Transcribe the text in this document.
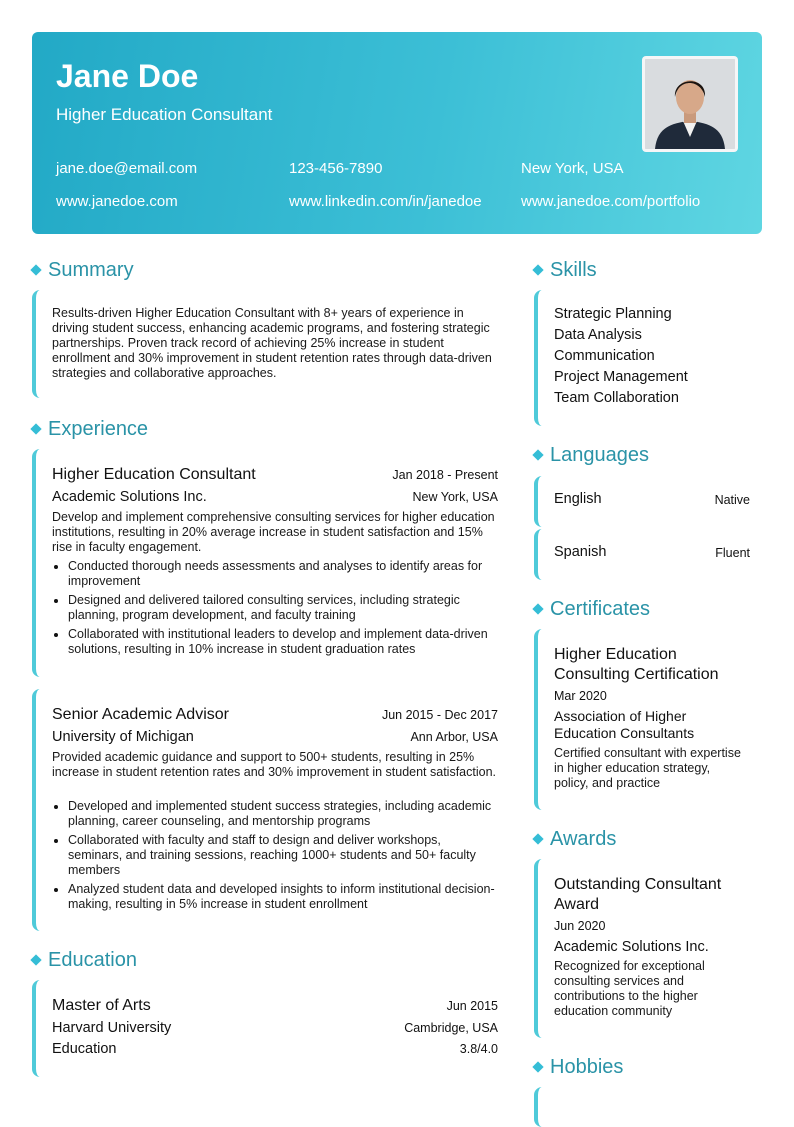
Jane Doe
Higher Education Consultant
jane.doe@email.com	123-456-7890	New York, USA
www.janedoe.com	www.linkedin.com/in/janedoe	www.janedoe.com/portfolio
Summary
Results-driven Higher Education Consultant with 8+ years of experience in driving student success, enhancing academic programs, and fostering strategic partnerships. Proven track record of achieving 25% increase in student enrollment and 30% improvement in student retention rates through data-driven strategies and collaborative approaches.
Experience
Higher Education Consultant	Jan 2018 - Present
Academic Solutions Inc.	New York, USA
Develop and implement comprehensive consulting services for higher education institutions, resulting in 20% average increase in student satisfaction and 15% rise in faculty engagement.
Conducted thorough needs assessments and analyses to identify areas for improvement
Designed and delivered tailored consulting services, including strategic planning, program development, and faculty training
Collaborated with institutional leaders to develop and implement data-driven solutions, resulting in 10% increase in student graduation rates
Senior Academic Advisor	Jun 2015 - Dec 2017
University of Michigan	Ann Arbor, USA
Provided academic guidance and support to 500+ students, resulting in 25% increase in student retention rates and 30% improvement in student satisfaction.
Developed and implemented student success strategies, including academic planning, career counseling, and mentorship programs
Collaborated with faculty and staff to design and deliver workshops, seminars, and training sessions, reaching 1000+ students and 50+ faculty members
Analyzed student data and developed insights to inform institutional decision-making, resulting in 5% increase in student enrollment
Education
Master of Arts	Jun 2015
Harvard University	Cambridge, USA
Education	3.8/4.0
Skills
Strategic Planning
Data Analysis
Communication
Project Management
Team Collaboration
Languages
English	Native
Spanish	Fluent
Certificates
Higher Education Consulting Certification
Mar 2020
Association of Higher Education Consultants
Certified consultant with expertise in higher education strategy, policy, and practice
Awards
Outstanding Consultant Award
Jun 2020
Academic Solutions Inc.
Recognized for exceptional consulting services and contributions to the higher education community
Hobbies
